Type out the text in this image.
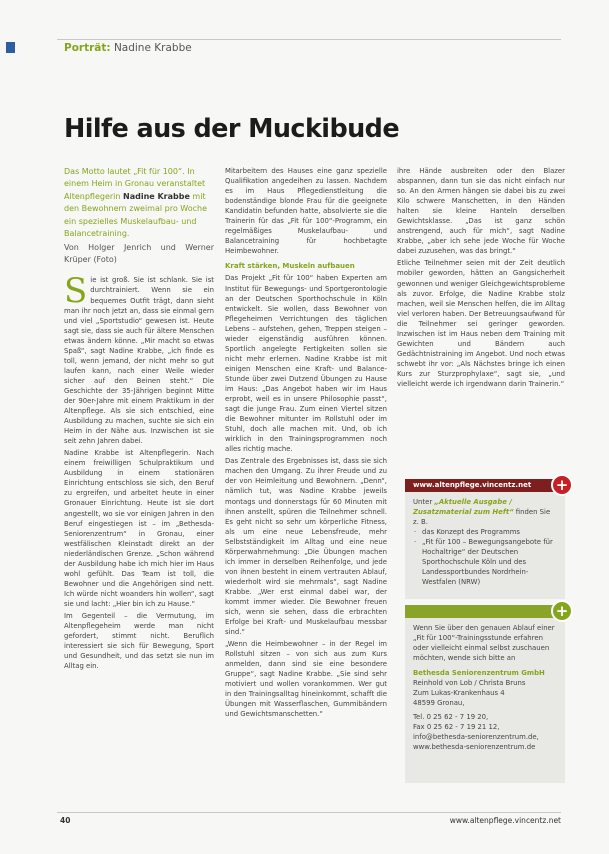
Porträt: Nadine Krabbe
Hilfe aus der Muckibude
Das Motto lautet „Fit für 100“. In einem Heim in Gronau veranstaltet Altenpflegerin Nadine Krabbe mit den Bewohnern zweimal pro Woche ein spezielles Muskelaufbau- und Balancetraining.
Von Holger Jenrich und Werner Krüper (Foto)

Sie ist groß. Sie ist schlank. Sie ist durchtrainiert. Wenn sie ein bequemes Outfit trägt, dann sieht man ihr noch jetzt an, dass sie einmal gern und viel „Sportstudio“ gewesen ist. Heute sagt sie, dass sie auch für ältere Menschen etwas ändern könne. „Mir macht so etwas Spaß“, sagt Nadine Krabbe, „ich finde es toll, wenn jemand, der nicht mehr so gut laufen kann, nach einer Weile wieder sicher auf den Beinen steht.“ Die Geschichte der 35-Jährigen beginnt Mitte der 90er-Jahre mit einem Praktikum in der Altenpflege. Als sie sich entschied, eine Ausbildung zu machen, suchte sie sich ein Heim in der Nähe aus. Inzwischen ist sie seit zehn Jahren dabei.

Nadine Krabbe ist Altenpflegerin. Nach einem freiwilligen Schulpraktikum und Ausbildung in einem stationären Einrichtung entschloss sie sich, den Beruf zu ergreifen, und arbeitet heute in einer Gronauer Einrichtung. Heute ist sie dort angestellt, wo sie vor einigen Jahren in den Beruf eingestiegen ist – im „Bethesda-Seniorenzentrum“ in Gronau, einer westfälischen Kleinstadt direkt an der niederländischen Grenze. „Schon während der Ausbildung habe ich mich hier im Haus wohl gefühlt. Das Team ist toll, die Bewohner und die Angehörigen sind nett. Ich würde nicht woanders hin wollen“, sagt sie und lacht: „Hier bin ich zu Hause.“

Im Gegenteil – die Vermutung, im Altenpflegeheim werde man nicht gefordert, stimmt nicht. Beruflich interessiert sie sich für Bewegung, Sport und Gesundheit, und das setzt sie nun im Alltag ein.

Mitarbeitern des Hauses eine ganz spezielle Qualifikation angedeihen zu lassen. Nachdem es im Haus Pflegedienstleitung die bodenständige blonde Frau für die geeignete Kandidatin befunden hatte, absolvierte sie die Trainerin für das „Fit für 100“-Programm, ein regelmäßiges Muskelaufbau- und Balancetraining für hochbetagte Heimbewohner.

Kraft stärken, Muskeln aufbauen

Das Projekt „Fit für 100“ haben Experten am Institut für Bewegungs- und Sportgerontologie an der Deutschen Sporthochschule in Köln entwickelt. Sie wollen, dass Bewohner von Pflegeheimen Verrichtungen des täglichen Lebens – aufstehen, gehen, Treppen steigen – wieder eigenständig ausführen können. Sportlich angelegte Fertigkeiten sollen sie nicht mehr erlernen. Nadine Krabbe ist mit einigen Menschen eine Kraft- und Balance-Stunde über zwei Dutzend Übungen zu Hause im Haus: „Das Angebot haben wir im Haus erprobt, weil es in unsere Philosophie passt“, sagt die junge Frau. Zum einen Viertel sitzen die Bewohner mitunter im Rollstuhl oder im Stuhl, doch alle machen mit. Und, ob ich wirklich in den Trainingsprogrammen noch alles richtig mache.

Das Zentrale des Ergebnisses ist, dass sie sich machen den Umgang. Zu ihrer Freude und zu der von Heimleitung und Bewohnern. „Denn“, nämlich tut, was Nadine Krabbe jeweils montags und donnerstags für 60 Minuten mit ihnen anstellt, spüren die Teilnehmer schnell. Es geht nicht so sehr um körperliche Fitness, als um eine neue Lebensfreude, mehr Selbstständigkeit im Alltag und eine neue Körperwahrnehmung: „Die Übungen machen ich immer in derselben Reihenfolge, und jede von ihnen besteht in einem vertrauten Ablauf, wiederholt wird sie mehrmals“, sagt Nadine Krabbe. „Wer erst einmal dabei war, der kommt immer wieder. Die Bewohner freuen sich, wenn sie sehen, dass die erbrachten Erfolge bei Kraft- und Muskelaufbau messbar sind.“

„Wenn die Heimbewohner – in der Regel im Rollstuhl sitzen – von sich aus zum Kurs anmelden, dann sind sie eine besondere Gruppe“, sagt Nadine Krabbe. „Sie sind sehr motiviert und wollen vorankommen. Wer gut in den Trainingsalltag hineinkommt, schafft die Übungen mit Wasserflaschen, Gummibändern und Gewichtsmanschetten.“

ihre Hände ausbreiten oder den Blazer abspannen, dann tun sie das nicht einfach nur so. An den Armen hängen sie dabei bis zu zwei Kilo schwere Manschetten, in den Händen halten sie kleine Hanteln derselben Gewichtsklasse. „Das ist ganz schön anstrengend, auch für mich“, sagt Nadine Krabbe, „aber ich sehe jede Woche für Woche dabei zuzusehen, was das bringt.“

Etliche Teilnehmer seien mit der Zeit deutlich mobiler geworden, hätten an Gangsicherheit gewonnen und weniger Gleichgewichtsprobleme als zuvor. Erfolge, die Nadine Krabbe stolz machen, weil sie Menschen helfen, die im Alltag viel verloren haben. Der Betreuungsaufwand für die Teilnehmer sei geringer geworden. Inzwischen ist im Haus neben dem Training mit Gewichten und Bändern auch Gedächtnistraining im Angebot. Und noch etwas schwebt ihr vor: „Als Nächstes bringe ich einen Kurs zur Sturzprophylaxe“, sagt sie, „und vielleicht werde ich irgendwann darin Trainerin.“

www.altenpflege.vincentz.net	+
Unter „Aktuelle Ausgabe / Zusatzmaterial zum Heft“ finden Sie z. B.
· das Konzept des Programms
· „Fit für 100 – Bewegungsangebote für Hochaltrige“ der Deutschen Sporthochschule Köln und des Landessportbundes Nordrhein-Westfalen (NRW)
+
Wenn Sie über den genauen Ablauf einer „Fit für 100“-Trainingsstunde erfahren oder vielleicht einmal selbst zuschauen möchten, wende sich bitte an
Bethesda Seniorenzentrum GmbH
Reinhold von Lob / Christa Bruns
Zum Lukas-Krankenhaus 4
48599 Gronau,
Tel. 0 25 62 - 7 19 20,
Fax 0 25 62 - 7 19 21 12,
info@bethesda-seniorenzentrum.de,
www.bethesda-seniorenzentrum.de
40	www.altenpflege.vincentz.net
